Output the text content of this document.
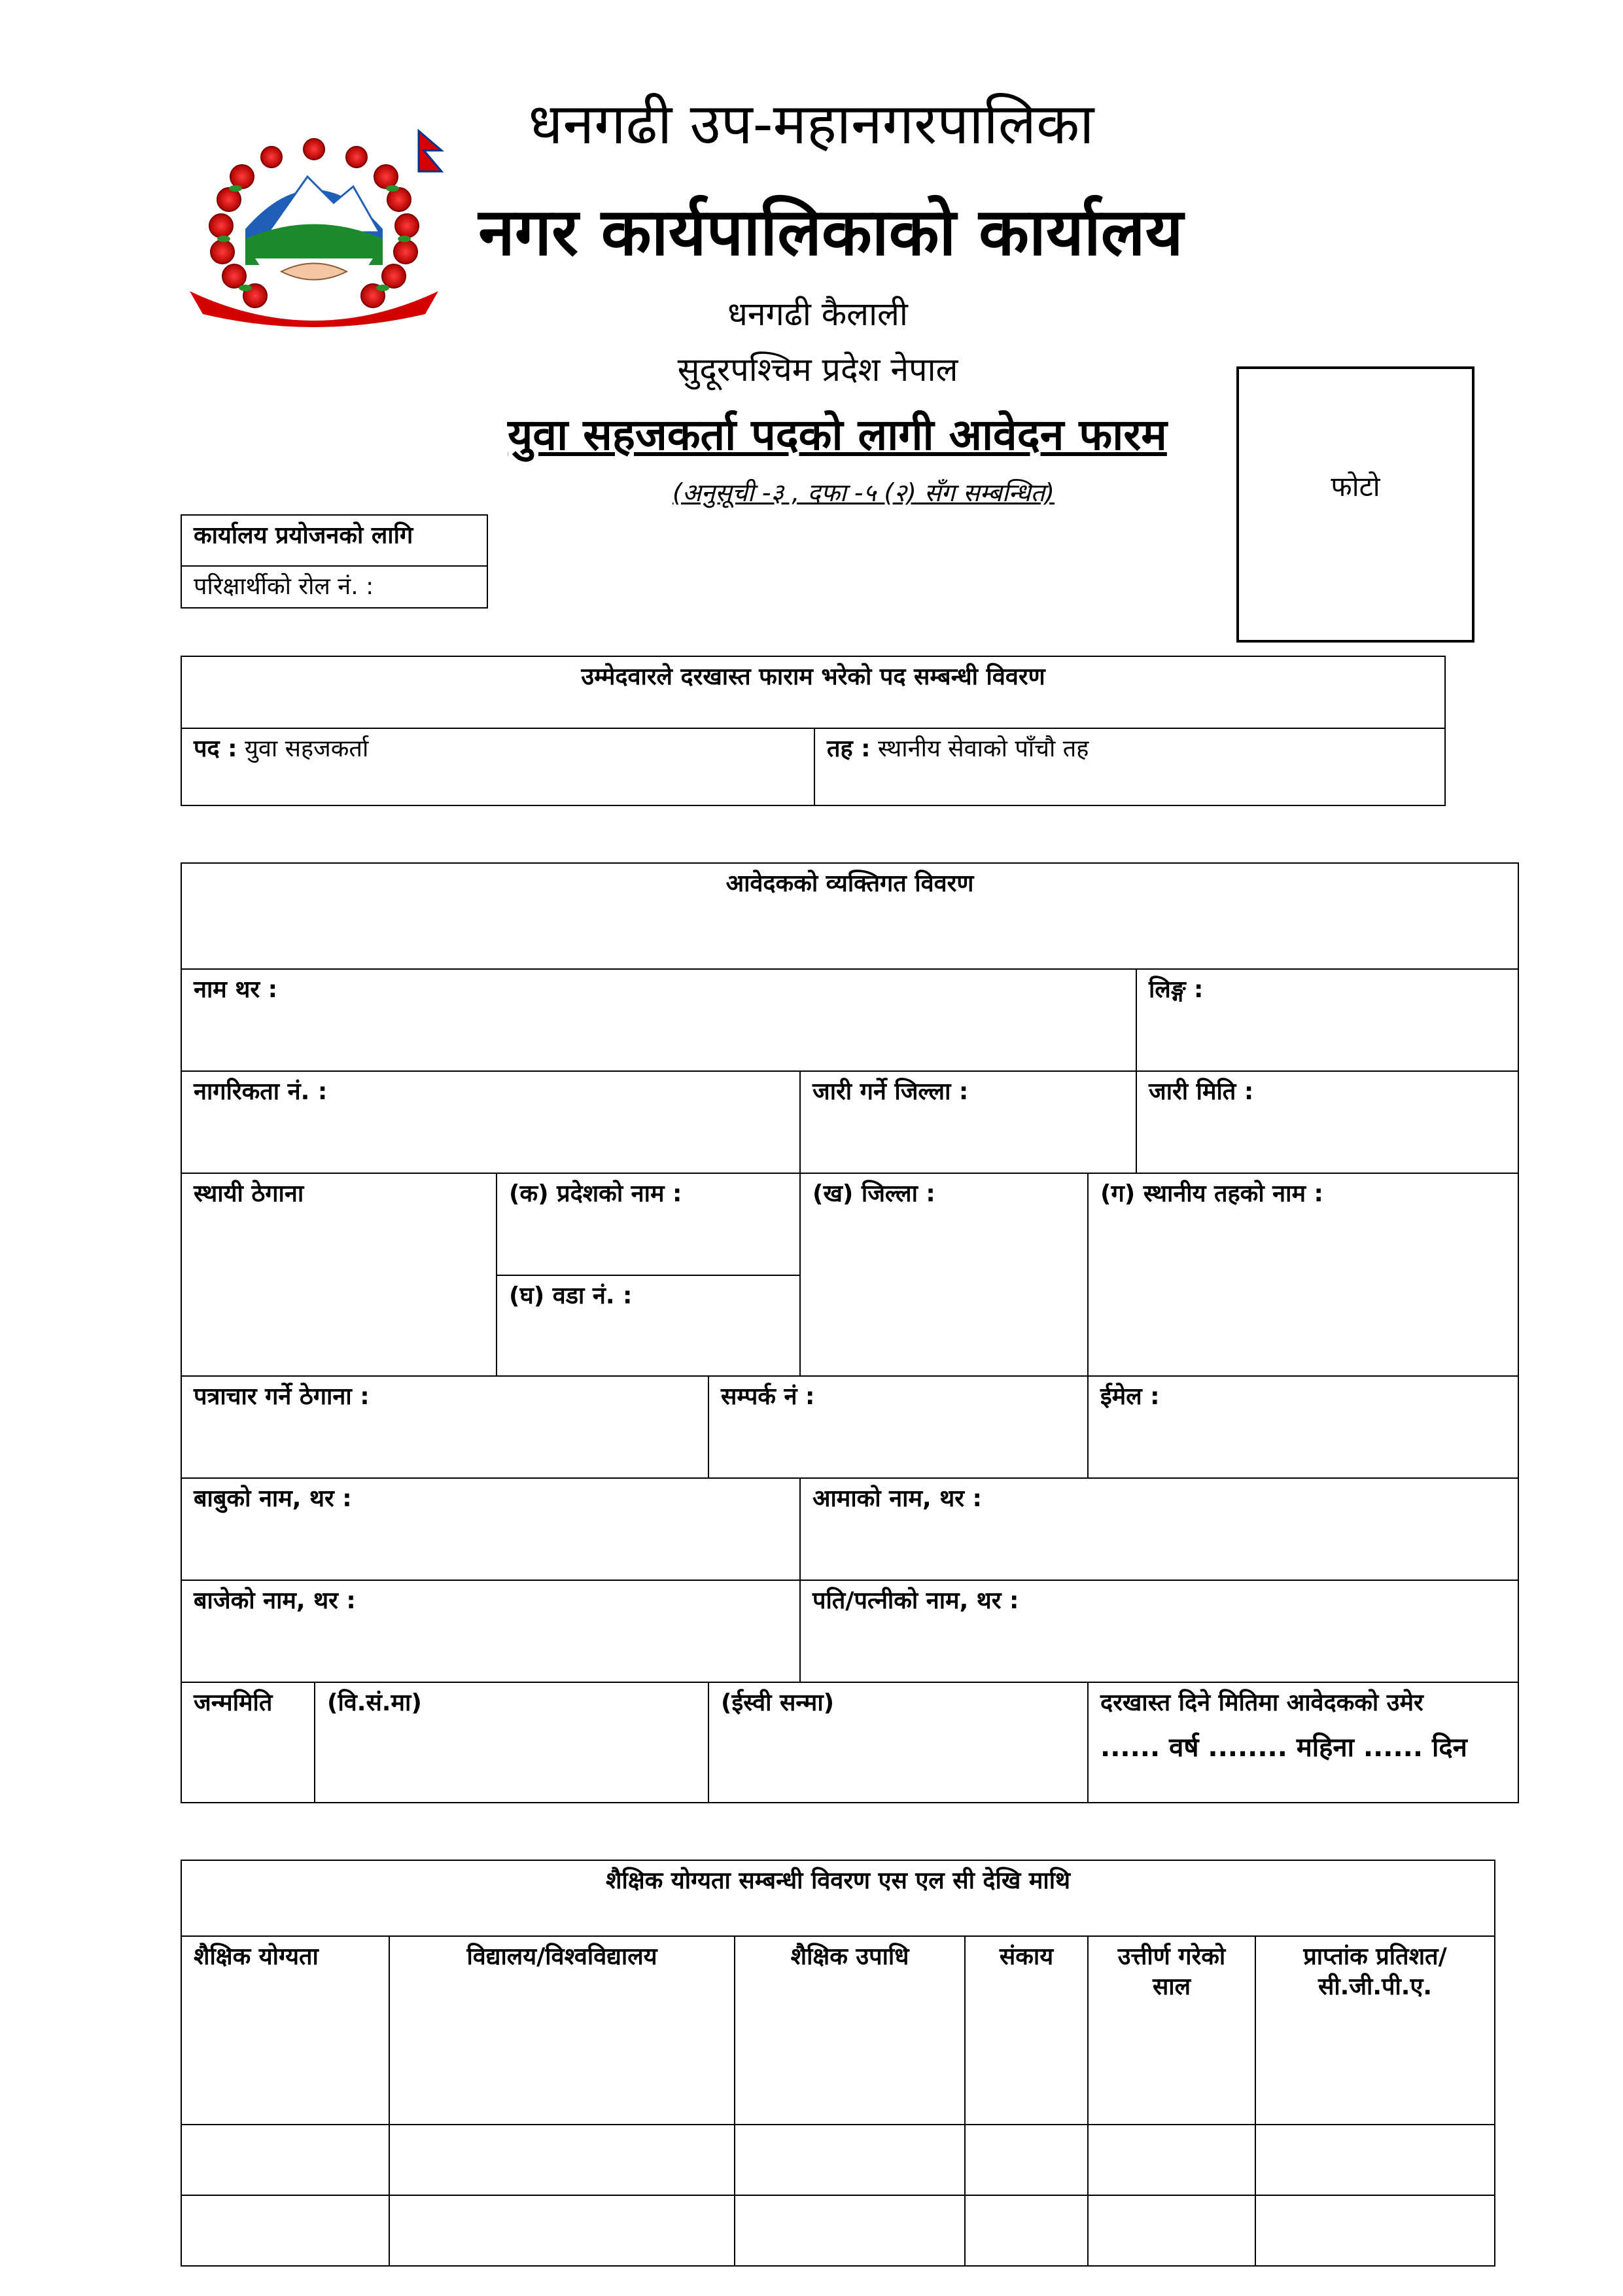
धनगढी उप-महानगरपालिका
नगर कार्यपालिकाको कार्यालय
धनगढी कैलाली
सुदूरपश्चिम प्रदेश नेपाल
युवा सहजकर्ता पदको लागी आवेदन फारम
(अनुसूची -३ , दफा -५ (२) सँग सम्बन्धित)	फोटो
कार्यालय प्रयोजनको लागि
परिक्षार्थीको रोल नं. :
उम्मेदवारले दरखास्त फाराम भरेको पद सम्बन्धी विवरण
पद : युवा सहजकर्ता	तह : स्थानीय सेवाको पाँचौ तह
आवेदकको व्यक्तिगत विवरण						
नाम थर :						लिङ्ग :
नागरिकता नं. :				जारी गर्ने जिल्ला :		जारी मिति :
स्थायी ठेगाना		(क) प्रदेशको नाम :		(ख) जिल्ला :	(ग) स्थानीय तहको नाम :	
		(घ) वडा नं. :				
पत्राचार गर्ने ठेगाना :			सम्पर्क नं :		ईमेल :	
बाबुको नाम, थर :				आमाको नाम, थर :		
बाजेको नाम, थर :				पति/पत्नीको नाम, थर :		
जन्ममिति	(वि.सं.मा)		(ईस्वी सन्मा)		दरखास्त दिने मितिमा आवेदकको उमेर
...... वर्ष ........ महिना ...... दिन	
शैक्षिक योग्यता सम्बन्धी विवरण एस एल सी देखि माथि					
शैक्षिक योग्यता	विद्यालय/विश्वविद्यालय	शैक्षिक उपाधि	संकाय	उत्तीर्ण गरेको साल	प्राप्तांक प्रतिशत/सी.जी.पी.ए.
